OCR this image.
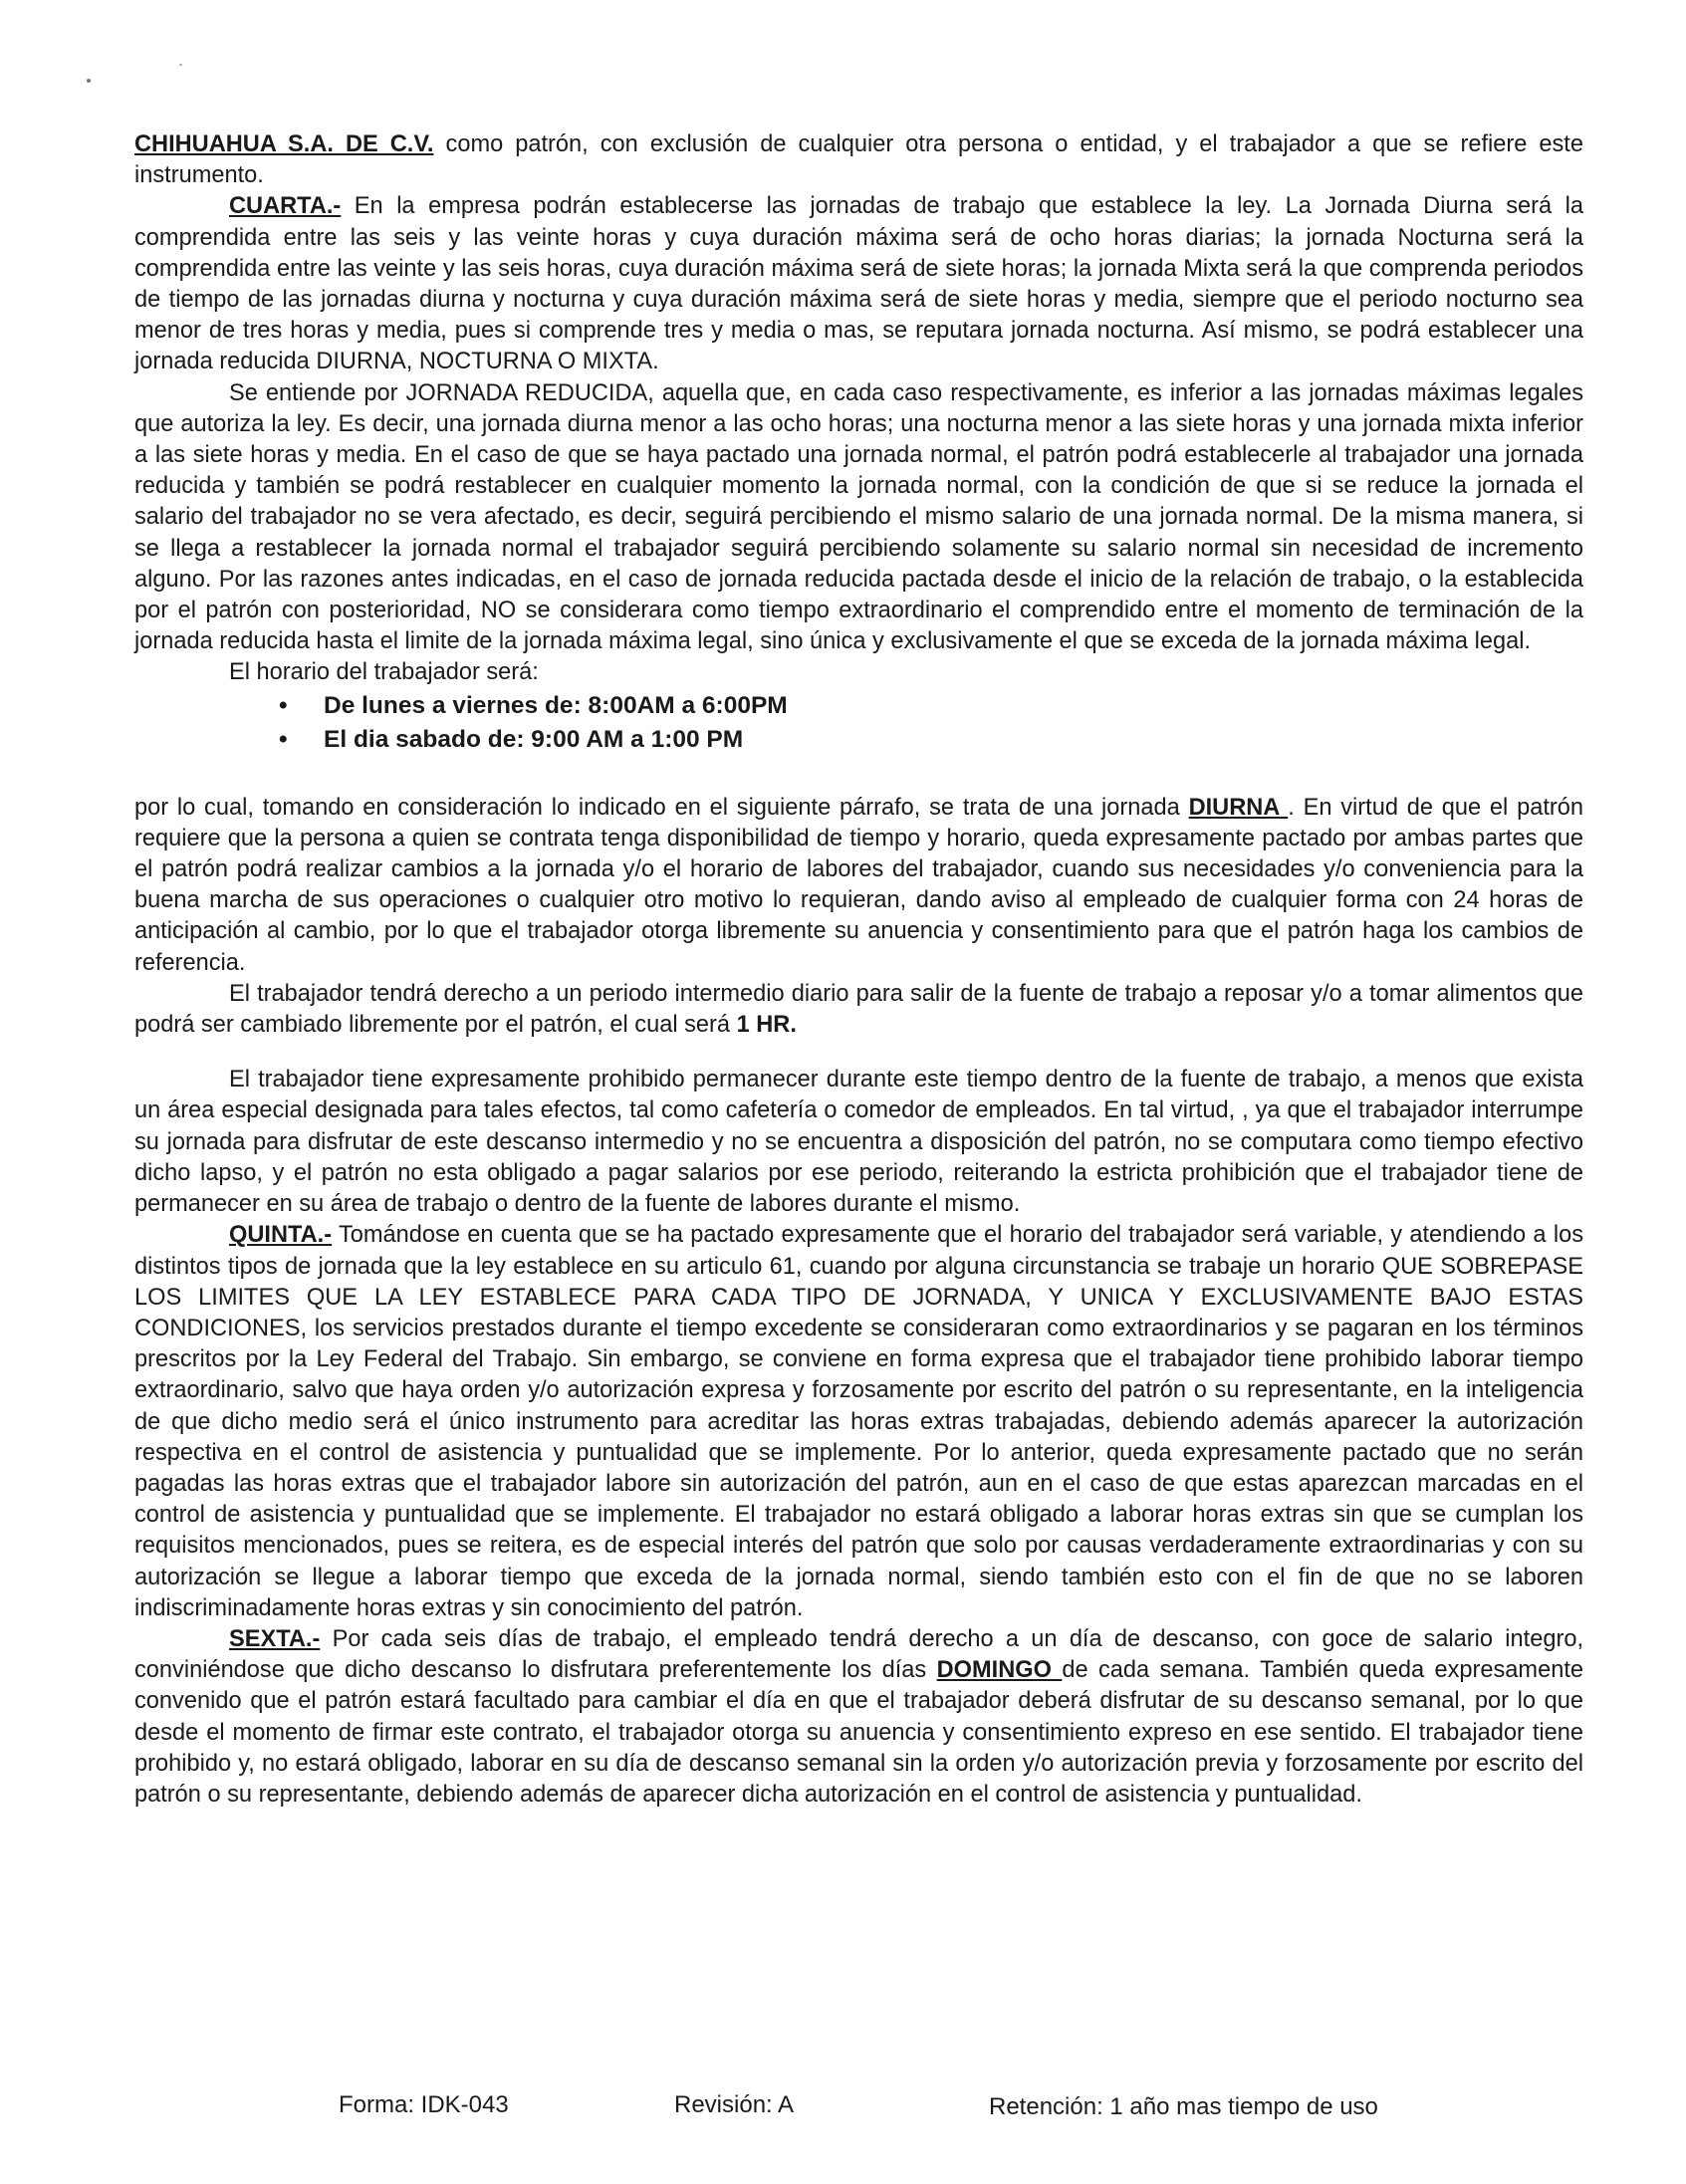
CHIHUAHUA S.A. DE C.V. como patrón, con exclusión de cualquier otra persona o entidad, y el trabajador a que se refiere este instrumento.

CUARTA.- En la empresa podrán establecerse las jornadas de trabajo que establece la ley. La Jornada Diurna será la comprendida entre las seis y las veinte horas y cuya duración máxima será de ocho horas diarias; la jornada Nocturna será la comprendida entre las veinte y las seis horas, cuya duración máxima será de siete horas; la jornada Mixta será la que comprenda periodos de tiempo de las jornadas diurna y nocturna y cuya duración máxima será de siete horas y media, siempre que el periodo nocturno sea menor de tres horas y media, pues si comprende tres y media o mas, se reputara jornada nocturna. Así mismo, se podrá establecer una jornada reducida DIURNA, NOCTURNA O MIXTA.

Se entiende por JORNADA REDUCIDA, aquella que, en cada caso respectivamente, es inferior a las jornadas máximas legales que autoriza la ley. Es decir, una jornada diurna menor a las ocho horas; una nocturna menor a las siete horas y una jornada mixta inferior a las siete horas y media. En el caso de que se haya pactado una jornada normal, el patrón podrá establecerle al trabajador una jornada reducida y también se podrá restablecer en cualquier momento la jornada normal, con la condición de que si se reduce la jornada el salario del trabajador no se vera afectado, es decir, seguirá percibiendo el mismo salario de una jornada normal. De la misma manera, si se llega a restablecer la jornada normal el trabajador seguirá percibiendo solamente su salario normal sin necesidad de incremento alguno. Por las razones antes indicadas, en el caso de jornada reducida pactada desde el inicio de la relación de trabajo, o la establecida por el patrón con posterioridad, NO se considerara como tiempo extraordinario el comprendido entre el momento de terminación de la jornada reducida hasta el limite de la jornada máxima legal, sino única y exclusivamente el que se exceda de la jornada máxima legal.

El horario del trabajador será:

• De lunes a viernes de: 8:00AM a 6:00PM
• El dia sabado de: 9:00 AM a 1:00 PM

por lo cual, tomando en consideración lo indicado en el siguiente párrafo, se trata de una jornada DIURNA . En virtud de que el patrón requiere que la persona a quien se contrata tenga disponibilidad de tiempo y horario, queda expresamente pactado por ambas partes que el patrón podrá realizar cambios a la jornada y/o el horario de labores del trabajador, cuando sus necesidades y/o conveniencia para la buena marcha de sus operaciones o cualquier otro motivo lo requieran, dando aviso al empleado de cualquier forma con 24 horas de anticipación al cambio, por lo que el trabajador otorga libremente su anuencia y consentimiento para que el patrón haga los cambios de referencia.

El trabajador tendrá derecho a un periodo intermedio diario para salir de la fuente de trabajo a reposar y/o a tomar alimentos que podrá ser cambiado libremente por el patrón, el cual será 1 HR.

El trabajador tiene expresamente prohibido permanecer durante este tiempo dentro de la fuente de trabajo, a menos que exista un área especial designada para tales efectos, tal como cafetería o comedor de empleados. En tal virtud, , ya que el trabajador interrumpe su jornada para disfrutar de este descanso intermedio y no se encuentra a disposición del patrón, no se computara como tiempo efectivo dicho lapso, y el patrón no esta obligado a pagar salarios por ese periodo, reiterando la estricta prohibición que el trabajador tiene de permanecer en su área de trabajo o dentro de la fuente de labores durante el mismo.

QUINTA.- Tomándose en cuenta que se ha pactado expresamente que el horario del trabajador será variable, y atendiendo a los distintos tipos de jornada que la ley establece en su articulo 61, cuando por alguna circunstancia se trabaje un horario QUE SOBREPASE LOS LIMITES QUE LA LEY ESTABLECE PARA CADA TIPO DE JORNADA, Y UNICA Y EXCLUSIVAMENTE BAJO ESTAS CONDICIONES, los servicios prestados durante el tiempo excedente se consideraran como extraordinarios y se pagaran en los términos prescritos por la Ley Federal del Trabajo. Sin embargo, se conviene en forma expresa que el trabajador tiene prohibido laborar tiempo extraordinario, salvo que haya orden y/o autorización expresa y forzosamente por escrito del patrón o su representante, en la inteligencia de que dicho medio será el único instrumento para acreditar las horas extras trabajadas, debiendo además aparecer la autorización respectiva en el control de asistencia y puntualidad que se implemente. Por lo anterior, queda expresamente pactado que no serán pagadas las horas extras que el trabajador labore sin autorización del patrón, aun en el caso de que estas aparezcan marcadas en el control de asistencia y puntualidad que se implemente. El trabajador no estará obligado a laborar horas extras sin que se cumplan los requisitos mencionados, pues se reitera, es de especial interés del patrón que solo por causas verdaderamente extraordinarias y con su autorización se llegue a laborar tiempo que exceda de la jornada normal, siendo también esto con el fin de que no se laboren indiscriminadamente horas extras y sin conocimiento del patrón.

SEXTA.- Por cada seis días de trabajo, el empleado tendrá derecho a un día de descanso, con goce de salario integro, conviniéndose que dicho descanso lo disfrutara preferentemente los días DOMINGO de cada semana. También queda expresamente convenido que el patrón estará facultado para cambiar el día en que el trabajador deberá disfrutar de su descanso semanal, por lo que desde el momento de firmar este contrato, el trabajador otorga su anuencia y consentimiento expreso en ese sentido. El trabajador tiene prohibido y, no estará obligado, laborar en su día de descanso semanal sin la orden y/o autorización previa y forzosamente por escrito del patrón o su representante, debiendo además de aparecer dicha autorización en el control de asistencia y puntualidad.

Forma: IDK-043	Revisión: A	Retención: 1 año mas tiempo de uso
